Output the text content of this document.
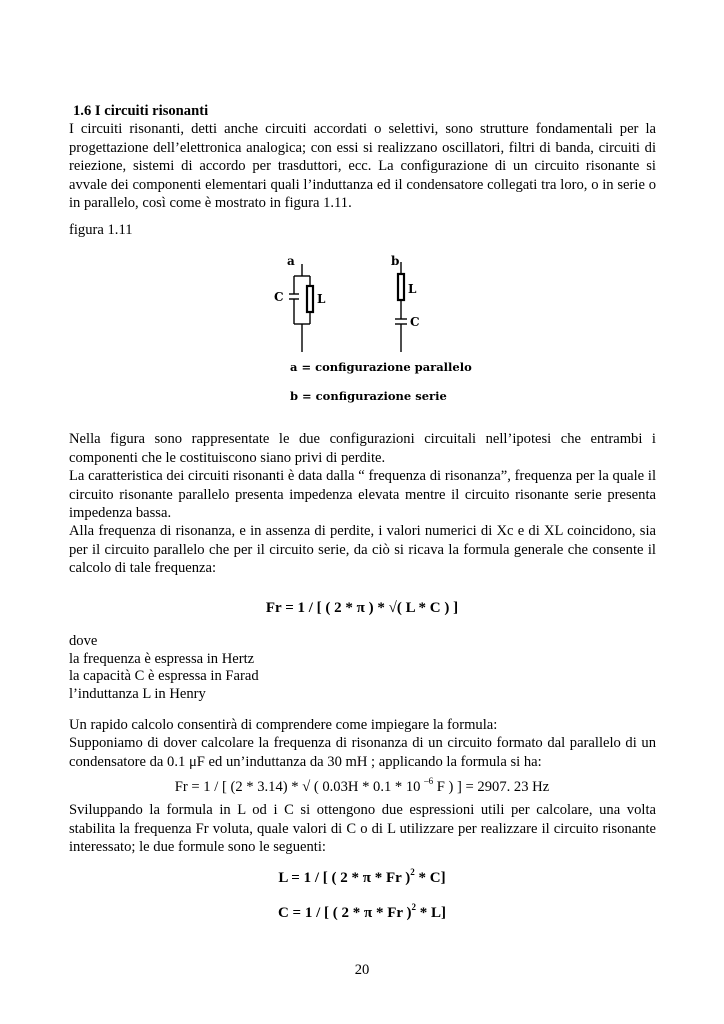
1.6 I circuiti risonanti
I circuiti risonanti, detti anche circuiti accordati o selettivi, sono strutture fondamentali per la progettazione dell’elettronica analogica; con essi si realizzano oscillatori, filtri di banda, circuiti di reiezione, sistemi di accordo per trasduttori, ecc. La configurazione di un circuito risonante si avvale dei componenti elementari quali l’induttanza ed il condensatore collegati tra loro, o in serie o in parallelo, così come è mostrato in figura 1.11.
figura 1.11
a
C	L
b
L
C
a = configurazione parallelo
b = configurazione serie
Nella figura sono rappresentate le due configurazioni circuitali nell’ipotesi che entrambi i componenti che le costituiscono siano privi di perdite.
La caratteristica dei circuiti risonanti è data dalla “ frequenza di risonanza”, frequenza per la quale il circuito risonante parallelo presenta impedenza elevata mentre il circuito risonante serie presenta impedenza bassa.
Alla frequenza di risonanza, e in assenza di perdite, i valori numerici di Xc e di XL coincidono, sia per il circuito parallelo che per il circuito serie, da ciò si ricava la formula generale che consente il calcolo di tale frequenza:
Fr = 1 / [ ( 2 * π ) * √( L * C ) ]
dove
la frequenza è espressa in Hertz
la capacità C è espressa in Farad
l’induttanza L in Henry
Un rapido calcolo consentirà di comprendere come impiegare la formula:
Supponiamo di dover calcolare la frequenza di risonanza di un circuito formato dal parallelo di un condensatore da 0.1 μF ed un’induttanza da 30 mH ; applicando la formula si ha:
Fr = 1 / [ (2 * 3.14) * √ ( 0.03H * 0.1 * 10 $^{-6}$ F ) ] = 2907. 23 Hz
Sviluppando la formula in L od i C si ottengono due espressioni utili per calcolare, una volta stabilita la frequenza Fr voluta, quale valori di C o di L utilizzare per realizzare il circuito risonante interessato; le due formule sono le seguenti:
L = 1 / [ ( 2 * π * Fr )$^2$ * C]
C = 1 / [ ( 2 * π * Fr )$^2$ * L]
20
